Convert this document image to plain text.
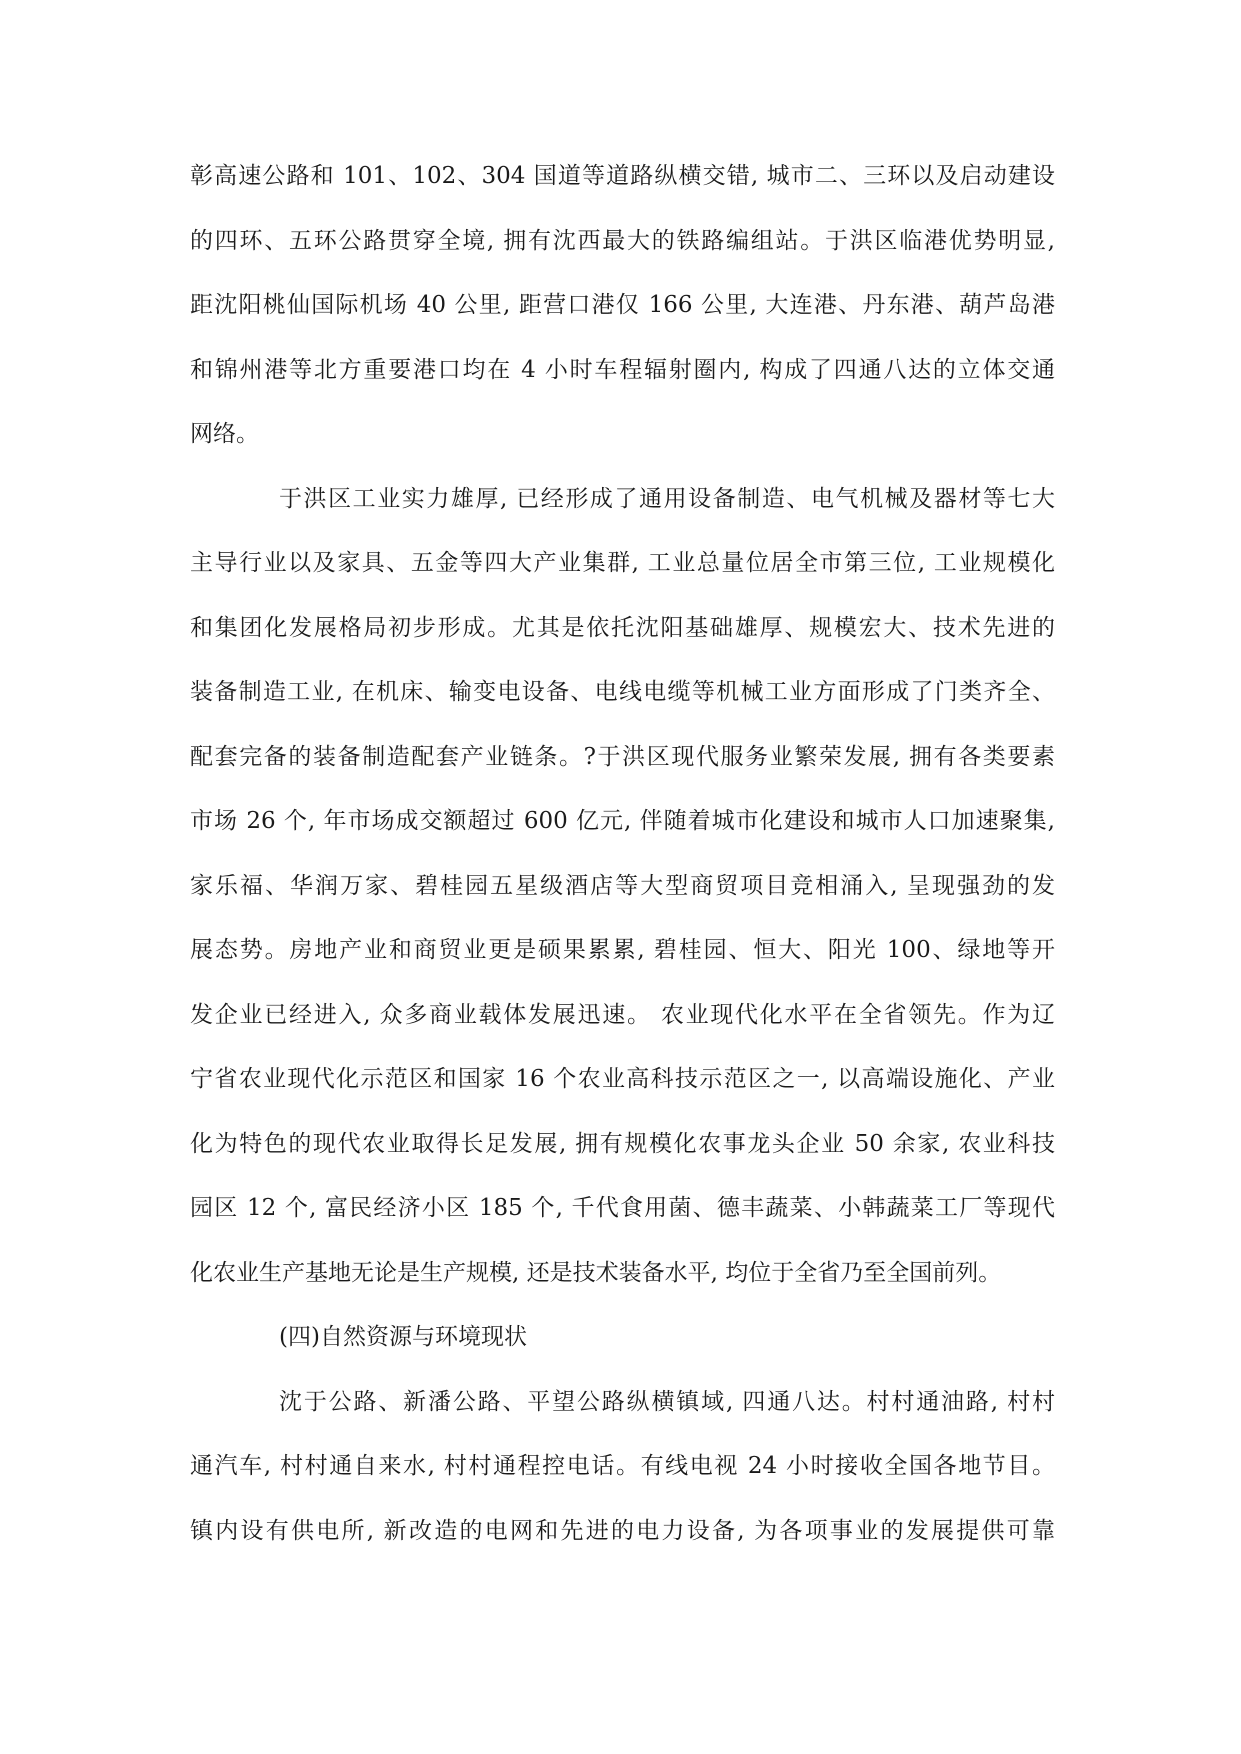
彰高速公路和 101、102、304 国道等道路纵横交错, 城市二、三环以及启动建设
的四环、五环公路贯穿全境, 拥有沈西最大的铁路编组站。于洪区临港优势明显,
距沈阳桃仙国际机场 40 公里, 距营口港仅 166 公里, 大连港、丹东港、葫芦岛港
和锦州港等北方重要港口均在 4 小时车程辐射圈内, 构成了四通八达的立体交通
网络。
于洪区工业实力雄厚, 已经形成了通用设备制造、电气机械及器材等七大
主导行业以及家具、五金等四大产业集群, 工业总量位居全市第三位, 工业规模化
和集团化发展格局初步形成。尤其是依托沈阳基础雄厚、规模宏大、技术先进的
装备制造工业, 在机床、输变电设备、电线电缆等机械工业方面形成了门类齐全、
配套完备的装备制造配套产业链条。?于洪区现代服务业繁荣发展, 拥有各类要素
市场 26 个, 年市场成交额超过 600 亿元, 伴随着城市化建设和城市人口加速聚集,
家乐福、华润万家、碧桂园五星级酒店等大型商贸项目竞相涌入, 呈现强劲的发
展态势。房地产业和商贸业更是硕果累累, 碧桂园、恒大、阳光 100、绿地等开
发企业已经进入, 众多商业载体发展迅速。 农业现代化水平在全省领先。作为辽
宁省农业现代化示范区和国家 16 个农业高科技示范区之一, 以高端设施化、产业
化为特色的现代农业取得长足发展, 拥有规模化农事龙头企业 50 余家, 农业科技
园区 12 个, 富民经济小区 185 个, 千代食用菌、德丰蔬菜、小韩蔬菜工厂等现代
化农业生产基地无论是生产规模, 还是技术装备水平, 均位于全省乃至全国前列。
(四)自然资源与环境现状
沈于公路、新潘公路、平望公路纵横镇域, 四通八达。村村通油路, 村村
通汽车, 村村通自来水, 村村通程控电话。有线电视 24 小时接收全国各地节目。
镇内设有供电所, 新改造的电网和先进的电力设备, 为各项事业的发展提供可靠
